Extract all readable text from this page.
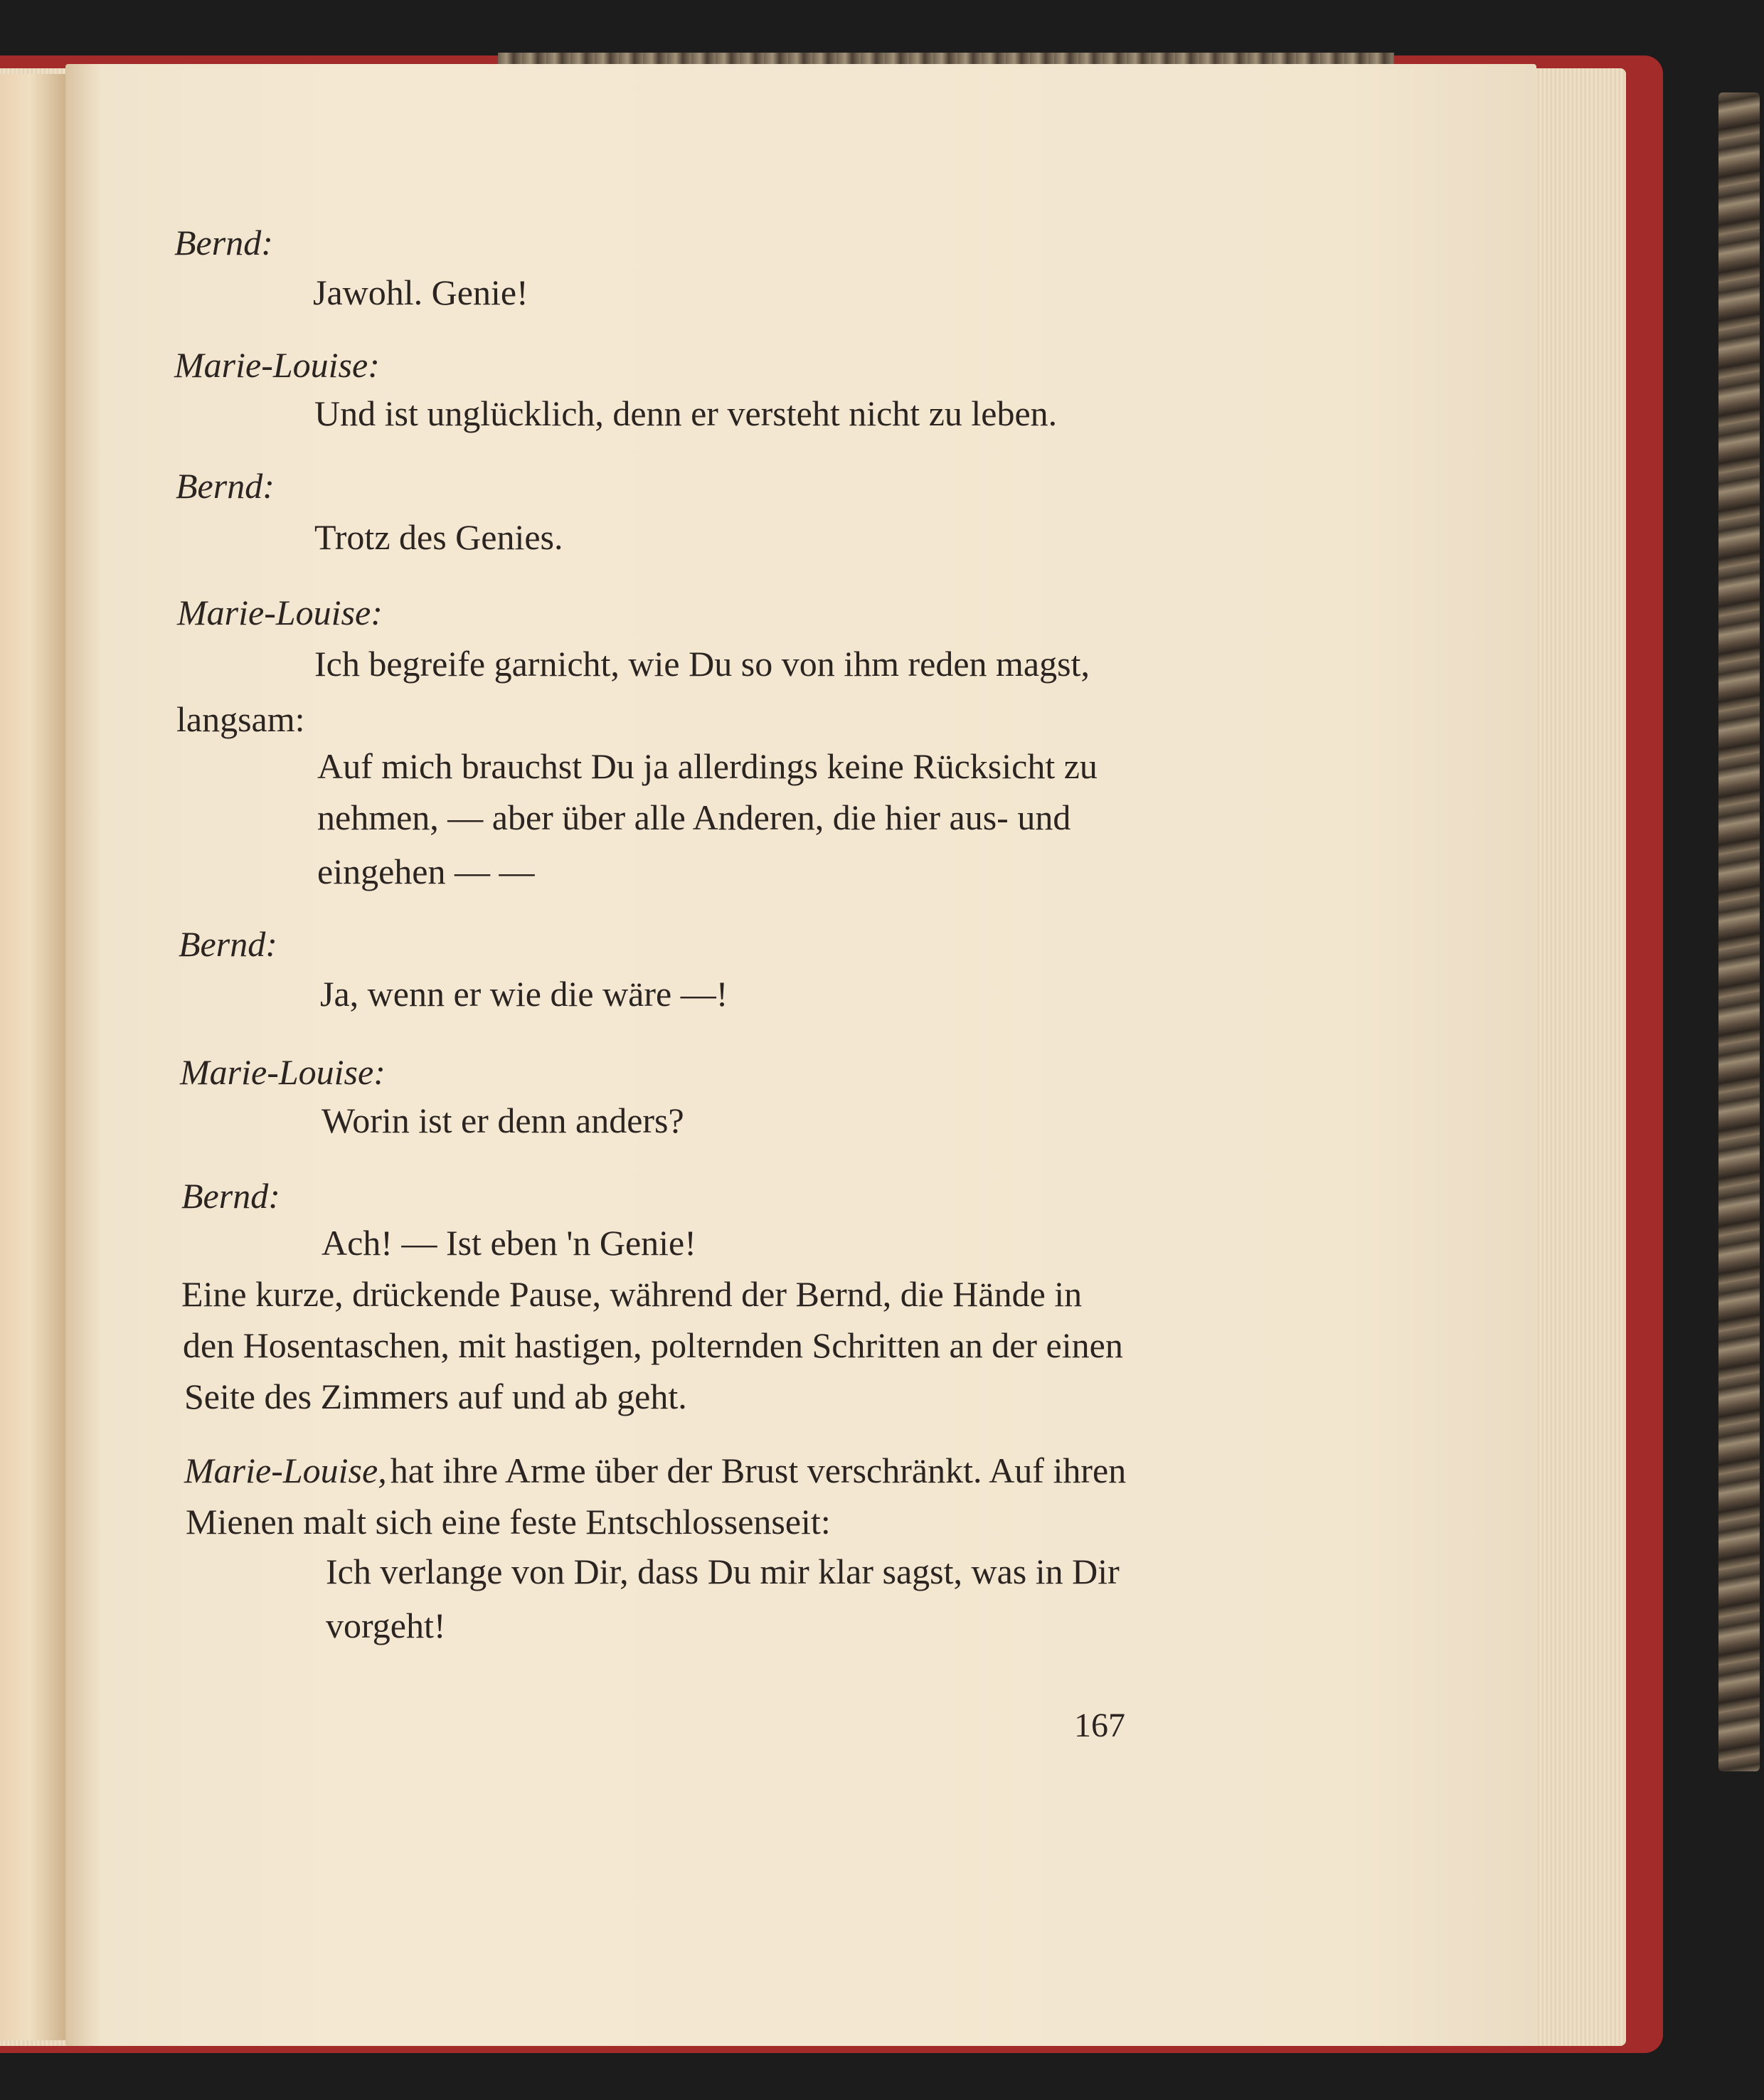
Bernd:
Jawohl. Genie!
Marie-Louise:
Und ist unglücklich, denn er versteht nicht zu leben.
Bernd:
Trotz des Genies.
Marie-Louise:
Ich begreife garnicht, wie Du so von ihm reden magst,
langsam:
Auf mich brauchst Du ja allerdings keine Rücksicht zu
nehmen, — aber über alle Anderen, die hier aus- und
eingehen — —
Bernd:
Ja, wenn er wie die wäre —!
Marie-Louise:
Worin ist er denn anders?
Bernd:
Ach! — Ist eben 'n Genie!
Eine kurze, drückende Pause, während der Bernd, die Hände in
den Hosentaschen, mit hastigen, polternden Schritten an der einen
Seite des Zimmers auf und ab geht.
Marie-Louise, hat ihre Arme über der Brust verschränkt. Auf ihren
Mienen malt sich eine feste Entschlossenseit:
Ich verlange von Dir, dass Du mir klar sagst, was in Dir
vorgeht!
167
